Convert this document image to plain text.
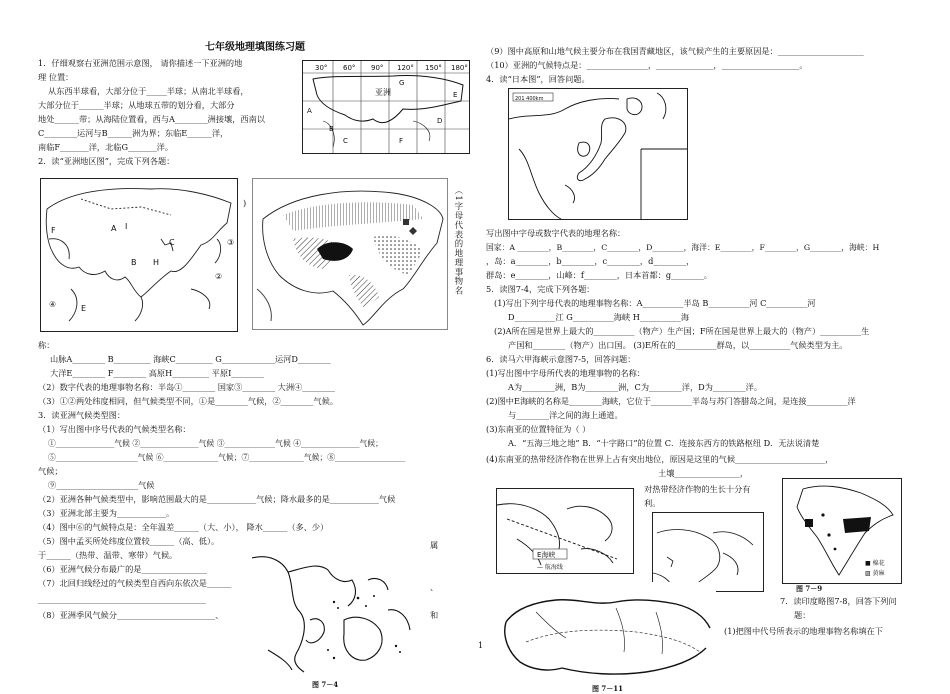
七年级地理填图练习题
1．仔细观察右亚洲范围示意图， 请你描述一下亚洲的地
理 位置：
从东西半球看，大部分位于_____半球；从南北半球看，
大部分位于______半球；从地球五带的划分看，大部分
地处______带；从海陆位置看，西与A________洲接壤，西南以
C________运河与B______洲为界；东临E______洋，
南临F_______洋，北临G_______洋。
2．读“亚洲地区图”，完成下列各题：
30° 60° 90° 120° 150° 180°
G
E
A
B
C
D
F
亚洲
A
B H
C
I
F
E
④
③
②
)	（1字母代表的地理事物名
称：
山脉A________ B_________ 海峡C_________ G_____________运河D________
大洋E________ F________ 高原H_________ 平原I________
（2）数字代表的地理事物名称：半岛①________ 国家③________ 大洲④________
（3）①②两处纬度相同，但气候类型不同，①是________气候，②________气候。
3．读亚洲气候类型图：
（1）写出图中序号代表的气候类型名称：
①_______________气候 ②_______________气候 ③_____________气候 ④_______________气候；
⑤_____________________气候 ⑥______________气候；⑦______________气候；⑧__________________
气候；
⑨____________________气候
（2）亚洲各种气候类型中，影响范围最大的是____________气候；降水最多的是____________气候
（3）亚洲北部主要为____________。
（4）图中⑥的气候特点是：全年温差______（大、小）， 降水______（多、少）
（5）图中孟买所处纬度位置较______（高、低）。	属
于______（热带、温带、寒带）气候。
（6）亚洲气候分布最广的是________________
（7）北回归线经过的气候类型自西向东依次是______	、
_________________________________________
（8）亚洲季风气候分________________________、	和
图 7－4
1
（9）图中高原和山地气候主要分布在我国青藏地区，该气候产生的主要原因是：_____________________
（10）亚洲的气候特点是：_______________，______________，___________________。
4．读“日本图”，回答问题。
201 400km
写出图中字母或数字代表的地理名称：
国家：A ________，B________，C________，D________，海洋：E________，F________，G________，海峡：H
，岛：a________，b________，c________，d________，
群岛：e________，山峰：f________，日本首都：g________。
5．读图7-4，完成下列各题：
(1)写出下列字母代表的地理事物名称：A__________半岛 B__________河 C__________河
D__________江 G__________海峡 H__________海
(2)A所在国是世界上最大的__________（物产）生产国；F所在国是世界上最大的（物产）__________生
产国和________（物产）出口国。 (3)E所在的__________群岛，以__________气候类型为主。
6．读马六甲海峡示意图7-5，回答问题：
(1)写出图中字母所代表的地理事物的名称：
A为________洲，B为________洲，C为________洋，D为________洋。
(2)图中E海峡的名称是________海峡，它位于__________半岛与苏门答腊岛之间，是连接__________洋
与________洋之间的海上通道。
(3)东南亚的位置特征为（ ）
A．“五海三地之地” B．“十字路口”的位置 C．连接东西方的铁路枢纽 D．无法说清楚
(4)东南亚的热带经济作物在世界上占有突出地位，原因是这里的气候______________________，
土壤________________，
对热带经济作物的生长十分有
利。
E海峡
— 航海线
■ 棉花
▨ 黄麻
图 7－9
7．读印度略图7-8，回答下列问
题：
(1)把图中代号所表示的地理事物名称填在下
图 7－11
